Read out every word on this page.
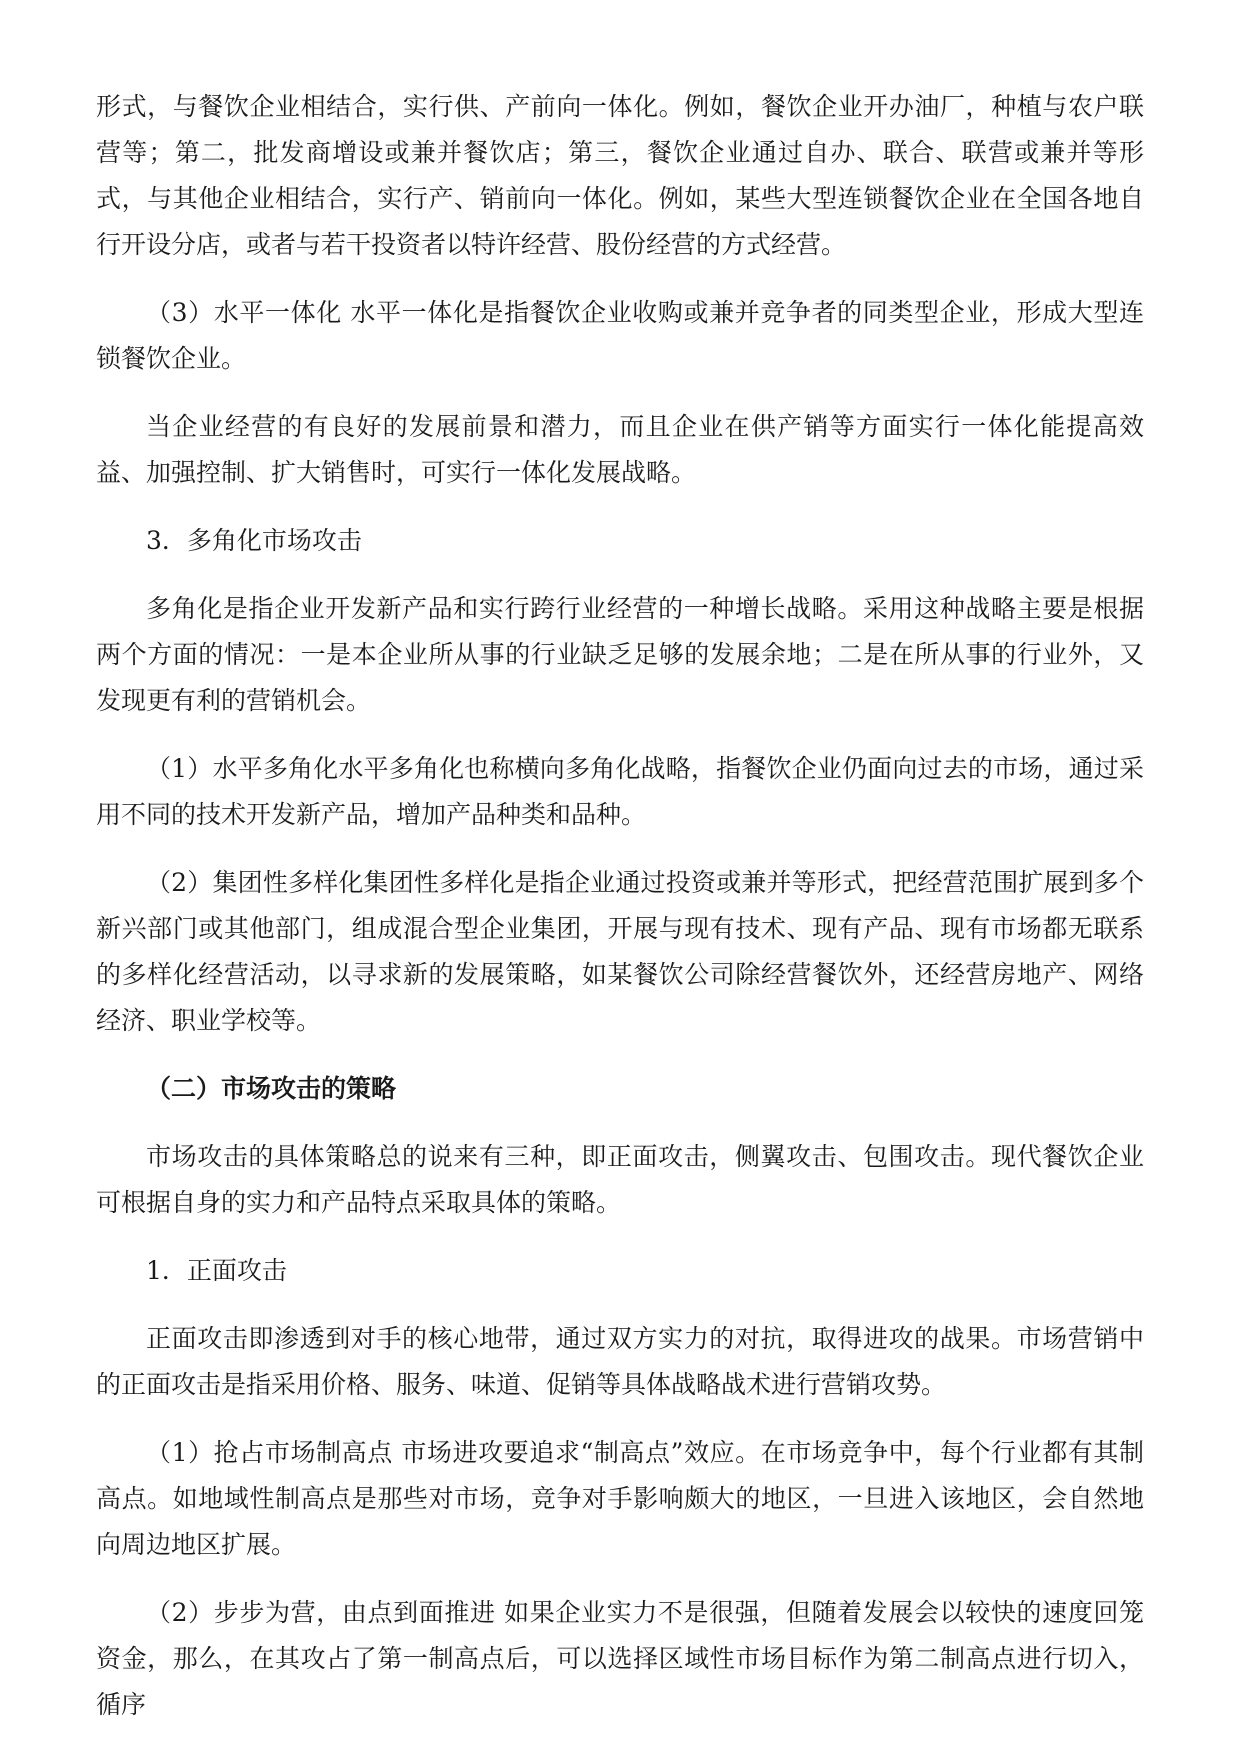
形式，与餐饮企业相结合，实行供、产前向一体化。例如，餐饮企业开办油厂，种植与农户联营等；第二，批发商增设或兼并餐饮店；第三，餐饮企业通过自办、联合、联营或兼并等形式，与其他企业相结合，实行产、销前向一体化。例如，某些大型连锁餐饮企业在全国各地自行开设分店，或者与若干投资者以特许经营、股份经营的方式经营。

（3）水平一体化 水平一体化是指餐饮企业收购或兼并竞争者的同类型企业，形成大型连锁餐饮企业。

当企业经营的有良好的发展前景和潜力，而且企业在供产销等方面实行一体化能提高效益、加强控制、扩大销售时，可实行一体化发展战略。

3．多角化市场攻击

多角化是指企业开发新产品和实行跨行业经营的一种增长战略。采用这种战略主要是根据两个方面的情况：一是本企业所从事的行业缺乏足够的发展余地；二是在所从事的行业外，又发现更有利的营销机会。

（1）水平多角化水平多角化也称横向多角化战略，指餐饮企业仍面向过去的市场，通过采用不同的技术开发新产品，增加产品种类和品种。

（2）集团性多样化集团性多样化是指企业通过投资或兼并等形式，把经营范围扩展到多个新兴部门或其他部门，组成混合型企业集团，开展与现有技术、现有产品、现有市场都无联系的多样化经营活动，以寻求新的发展策略，如某餐饮公司除经营餐饮外，还经营房地产、网络经济、职业学校等。

（二）市场攻击的策略

市场攻击的具体策略总的说来有三种，即正面攻击，侧翼攻击、包围攻击。现代餐饮企业可根据自身的实力和产品特点采取具体的策略。

1．正面攻击

正面攻击即渗透到对手的核心地带，通过双方实力的对抗，取得进攻的战果。市场营销中的正面攻击是指采用价格、服务、味道、促销等具体战略战术进行营销攻势。

（1）抢占市场制高点 市场进攻要追求“制高点”效应。在市场竞争中，每个行业都有其制高点。如地域性制高点是那些对市场，竞争对手影响颇大的地区，一旦进入该地区，会自然地向周边地区扩展。

（2）步步为营，由点到面推进 如果企业实力不是很强，但随着发展会以较快的速度回笼资金，那么，在其攻占了第一制高点后，可以选择区域性市场目标作为第二制高点进行切入，循序
